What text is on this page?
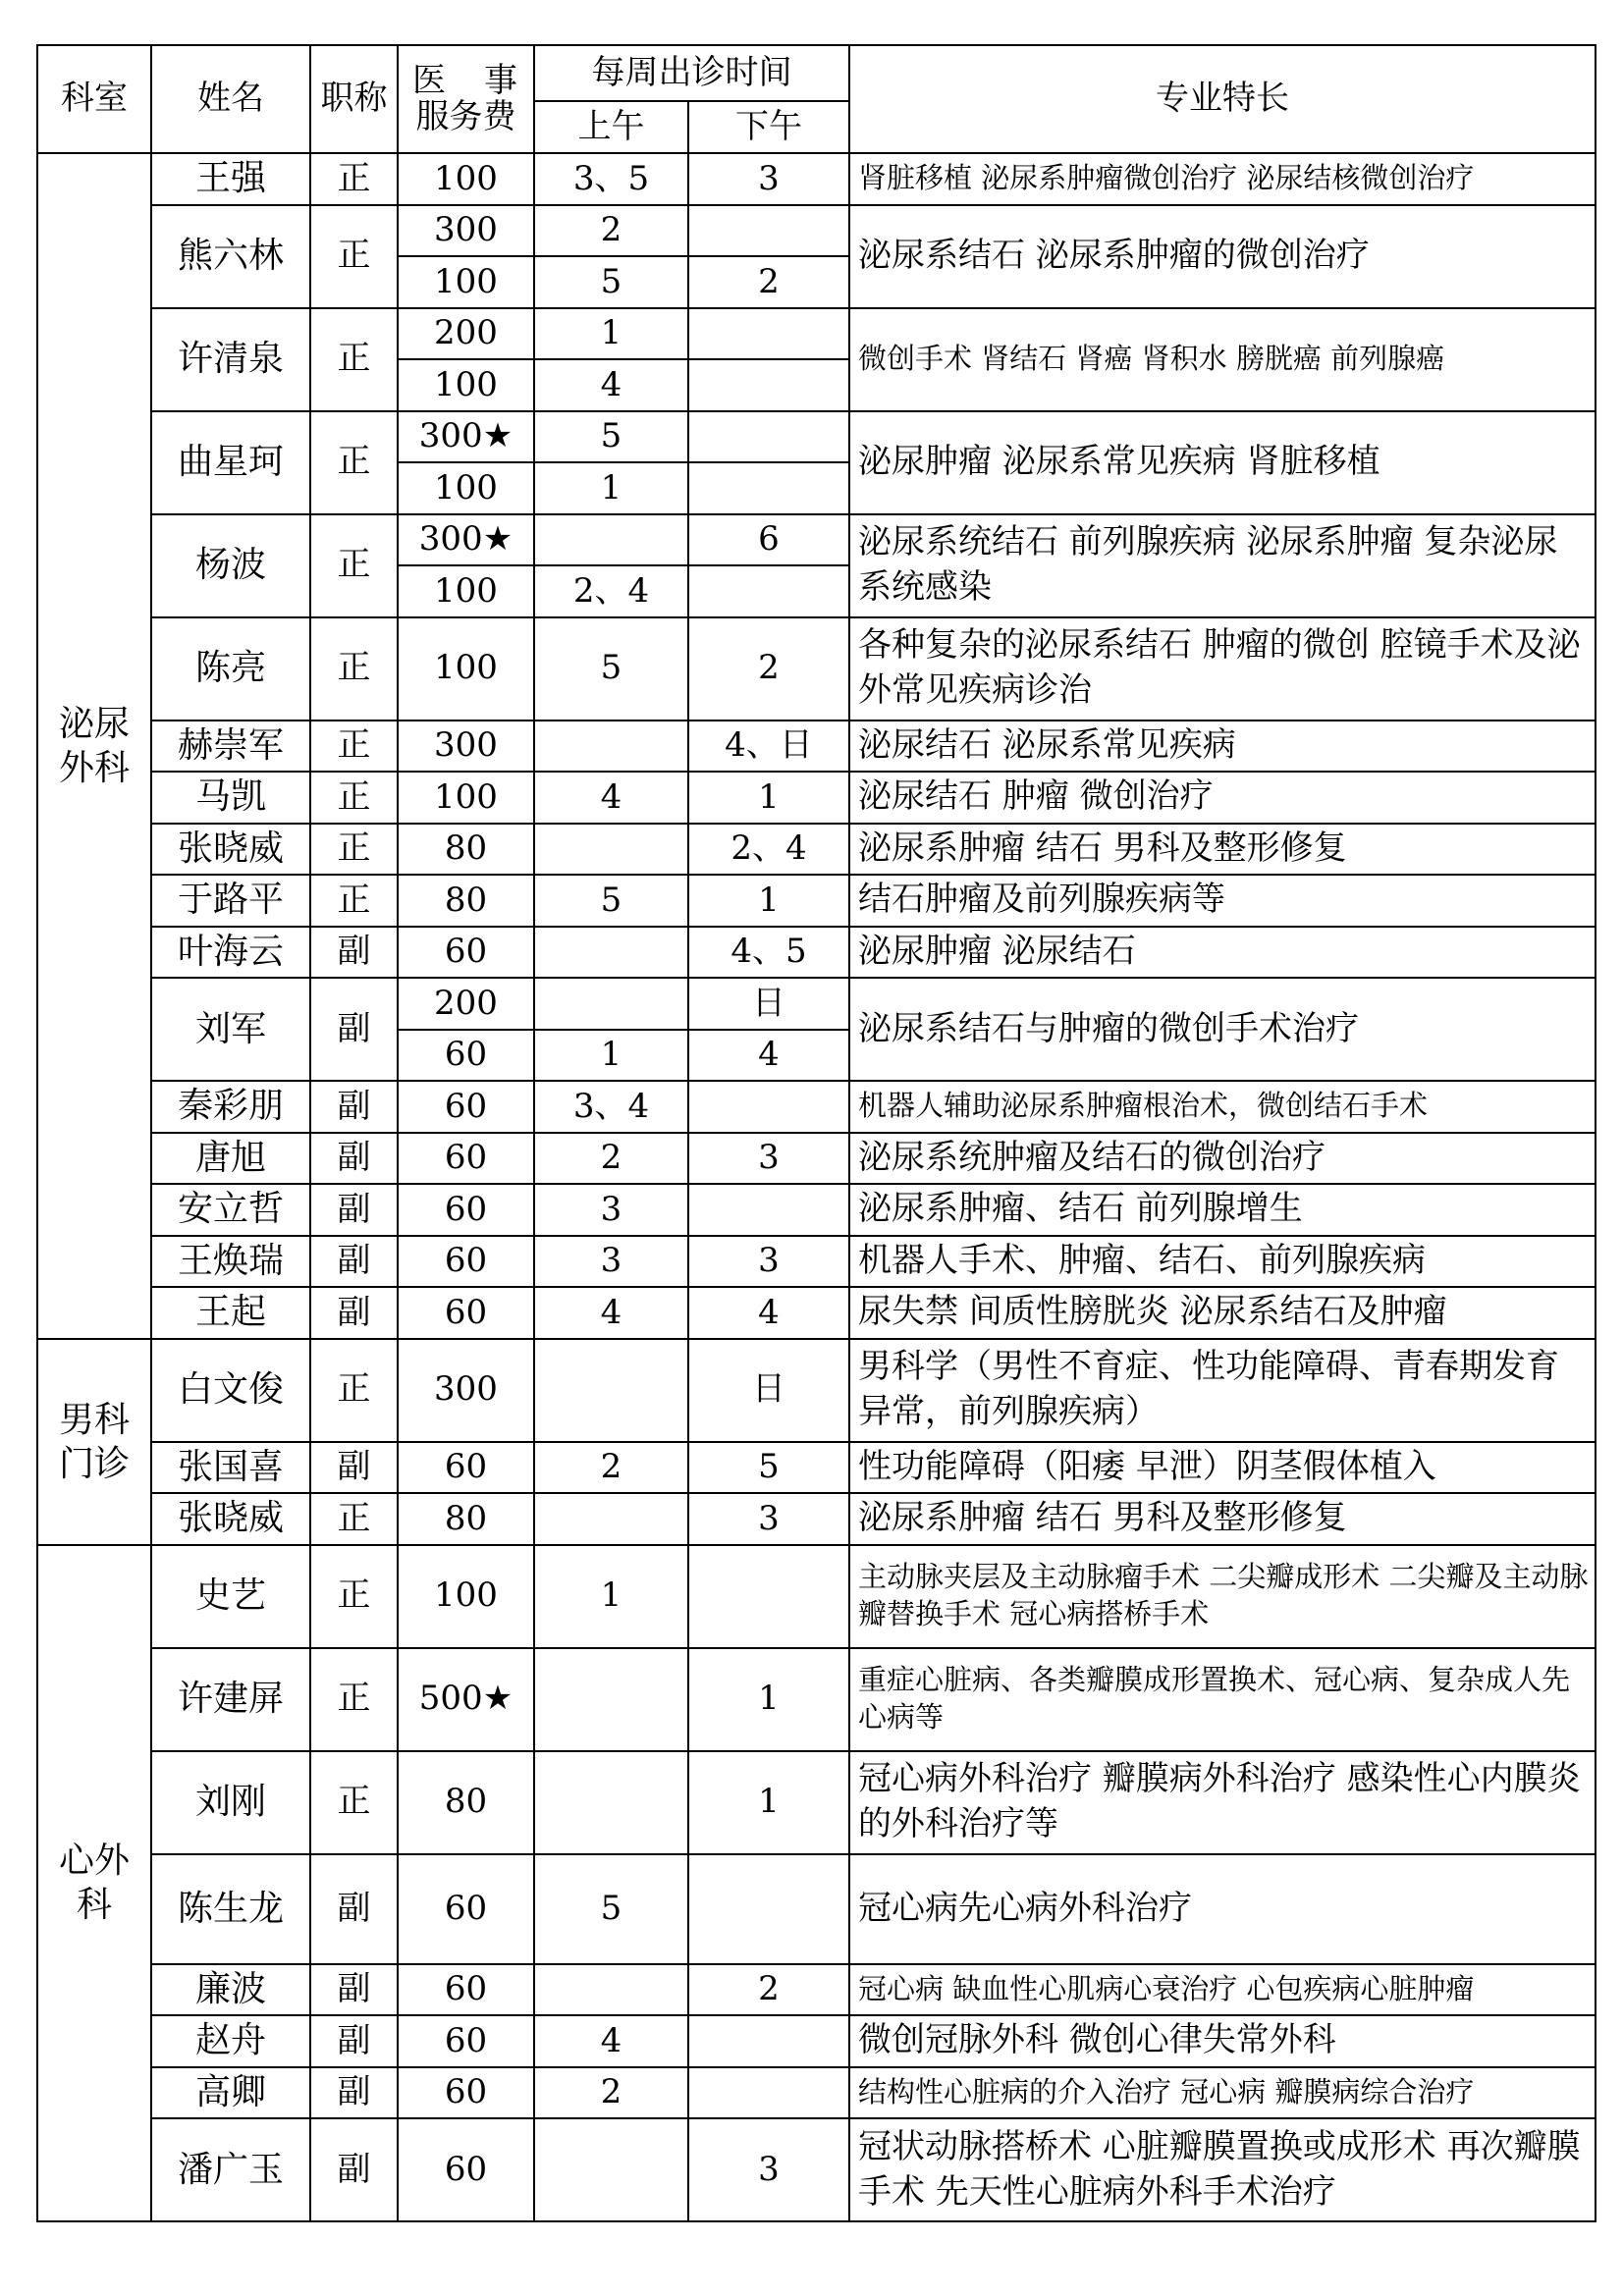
科室	姓名	职称	医 事
服务费	每周出诊时间		专业特长
				上午	下午	
泌尿外科	王强	正	100	3、5	3	肾脏移植 泌尿系肿瘤微创治疗 泌尿结核微创治疗
	熊六林	正	300	2		泌尿系结石 泌尿系肿瘤的微创治疗
			100	5	2	
	许清泉	正	200	1		微创手术 肾结石 肾癌 肾积水 膀胱癌 前列腺癌
			100	4		
	曲星珂	正	300★	5		泌尿肿瘤 泌尿系常见疾病 肾脏移植
			100	1		
	杨波	正	300★		6	泌尿系统结石 前列腺疾病 泌尿系肿瘤 复杂泌尿系统感染
			100	2、4		
	陈亮	正	100	5	2	各种复杂的泌尿系结石 肿瘤的微创 腔镜手术及泌外常见疾病诊治
	赫崇军	正	300		4、日	泌尿结石 泌尿系常见疾病
	马凯	正	100	4	1	泌尿结石 肿瘤 微创治疗
	张晓威	正	80		2、4	泌尿系肿瘤 结石 男科及整形修复
	于路平	正	80	5	1	结石肿瘤及前列腺疾病等
	叶海云	副	60		4、5	泌尿肿瘤 泌尿结石
	刘军	副	200		日	泌尿系结石与肿瘤的微创手术治疗
			60	1	4	
	秦彩朋	副	60	3、4		机器人辅助泌尿系肿瘤根治术，微创结石手术
	唐旭	副	60	2	3	泌尿系统肿瘤及结石的微创治疗
	安立哲	副	60	3		泌尿系肿瘤、结石 前列腺增生
	王焕瑞	副	60	3	3	机器人手术、肿瘤、结石、前列腺疾病
	王起	副	60	4	4	尿失禁 间质性膀胱炎 泌尿系结石及肿瘤
男科门诊	白文俊	正	300		日	男科学（男性不育症、性功能障碍、青春期发育异常，前列腺疾病）
	张国喜	副	60	2	5	性功能障碍（阳痿 早泄）阴茎假体植入
	张晓威	正	80		3	泌尿系肿瘤 结石 男科及整形修复
心外科	史艺	正	100	1		主动脉夹层及主动脉瘤手术 二尖瓣成形术 二尖瓣及主动脉瓣替换手术 冠心病搭桥手术
	许建屏	正	500★		1	重症心脏病、各类瓣膜成形置换术、冠心病、复杂成人先心病等
	刘刚	正	80		1	冠心病外科治疗 瓣膜病外科治疗 感染性心内膜炎的外科治疗等
	陈生龙	副	60	5		冠心病先心病外科治疗
	廉波	副	60		2	冠心病 缺血性心肌病心衰治疗 心包疾病心脏肿瘤
	赵舟	副	60	4		微创冠脉外科 微创心律失常外科
	高卿	副	60	2		结构性心脏病的介入治疗 冠心病 瓣膜病综合治疗
	潘广玉	副	60		3	冠状动脉搭桥术 心脏瓣膜置换或成形术 再次瓣膜手术 先天性心脏病外科手术治疗
